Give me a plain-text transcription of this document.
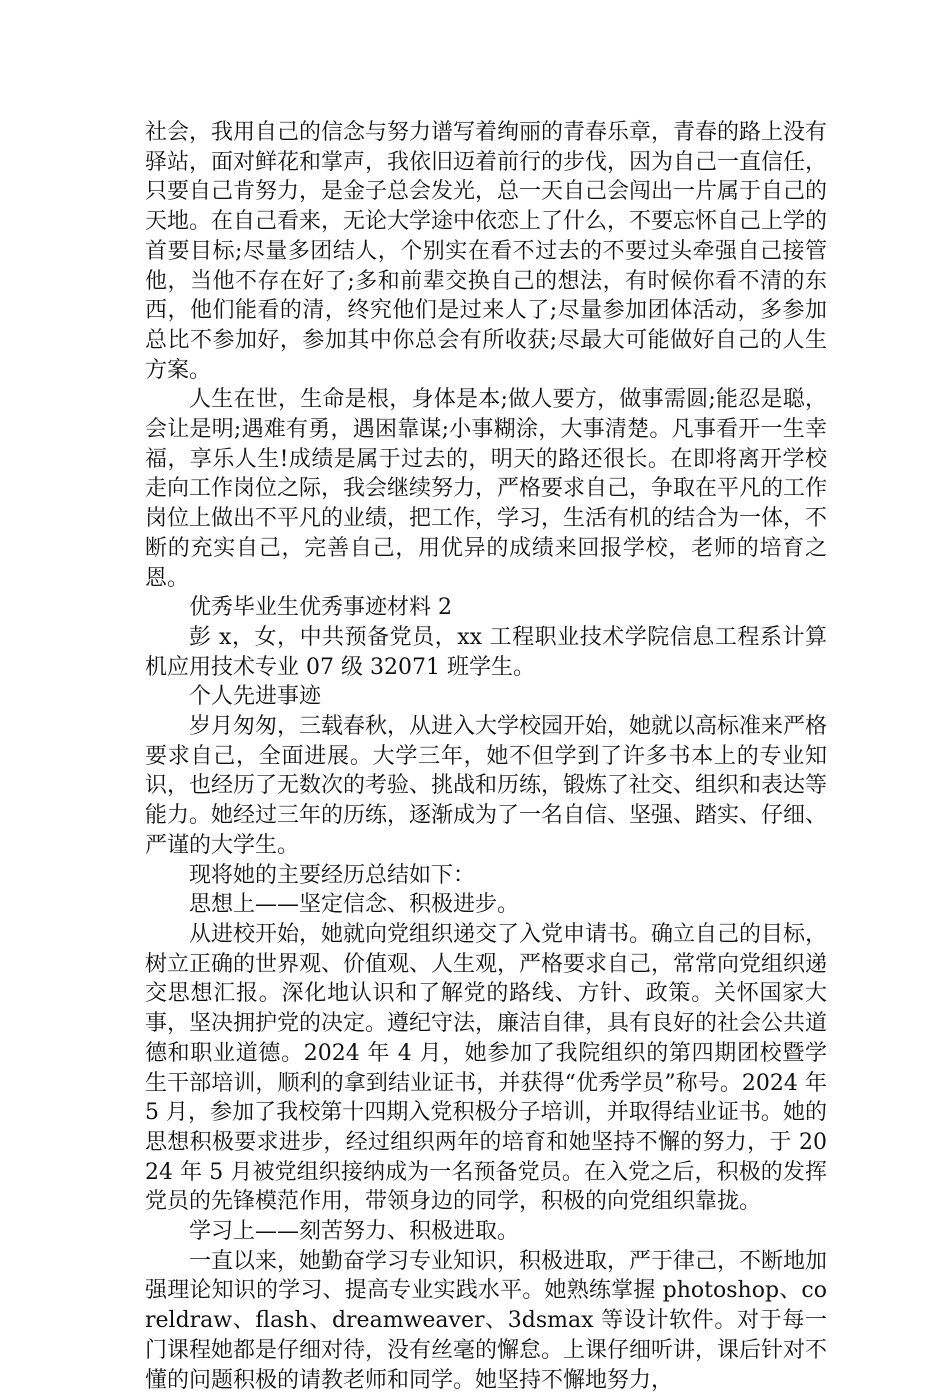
社会，我用自己的信念与努力谱写着绚丽的青春乐章，青春的路上没有驿站，面对鲜花和掌声，我依旧迈着前行的步伐，因为自己一直信任，只要自己肯努力，是金子总会发光，总一天自己会闯出一片属于自己的天地。在自己看来，无论大学途中依恋上了什么，不要忘怀自己上学的首要目标;尽量多团结人，个别实在看不过去的不要过头牵强自己接管他，当他不存在好了;多和前辈交换自己的想法，有时候你看不清的东西，他们能看的清，终究他们是过来人了;尽量参加团体活动，多参加总比不参加好，参加其中你总会有所收获;尽最大可能做好自己的人生方案。

人生在世，生命是根，身体是本;做人要方，做事需圆;能忍是聪，会让是明;遇难有勇，遇困靠谋;小事糊涂，大事清楚。凡事看开一生幸福，享乐人生!成绩是属于过去的，明天的路还很长。在即将离开学校走向工作岗位之际，我会继续努力，严格要求自己，争取在平凡的工作岗位上做出不平凡的业绩，把工作，学习，生活有机的结合为一体，不断的充实自己，完善自己，用优异的成绩来回报学校，老师的培育之恩。

优秀毕业生优秀事迹材料 2

彭 x，女，中共预备党员，xx 工程职业技术学院信息工程系计算机应用技术专业 07 级 32071 班学生。

个人先进事迹

岁月匆匆，三载春秋，从进入大学校园开始，她就以高标准来严格要求自己，全面进展。大学三年，她不但学到了许多书本上的专业知识，也经历了无数次的考验、挑战和历练，锻炼了社交、组织和表达等能力。她经过三年的历练，逐渐成为了一名自信、坚强、踏实、仔细、严谨的大学生。

现将她的主要经历总结如下：

思想上——坚定信念、积极进步。

从进校开始，她就向党组织递交了入党申请书。确立自己的目标，树立正确的世界观、价值观、人生观，严格要求自己，常常向党组织递交思想汇报。深化地认识和了解党的路线、方针、政策。关怀国家大事，坚决拥护党的决定。遵纪守法，廉洁自律，具有良好的社会公共道德和职业道德。2024 年 4 月，她参加了我院组织的第四期团校暨学生干部培训，顺利的拿到结业证书，并获得“优秀学员”称号。2024 年 5 月，参加了我校第十四期入党积极分子培训，并取得结业证书。她的思想积极要求进步，经过组织两年的培育和她坚持不懈的努力，于 2024 年 5 月被党组织接纳成为一名预备党员。在入党之后，积极的发挥党员的先锋模范作用，带领身边的同学，积极的向党组织靠拢。

学习上——刻苦努力、积极进取。

一直以来，她勤奋学习专业知识，积极进取，严于律己，不断地加强理论知识的学习、提高专业实践水平。她熟练掌握 photoshop、coreldraw、flash、dreamweaver、3dsmax 等设计软件。对于每一门课程她都是仔细对待，没有丝毫的懈怠。上课仔细听讲，课后针对不懂的问题积极的请教老师和同学。她坚持不懈地努力，
